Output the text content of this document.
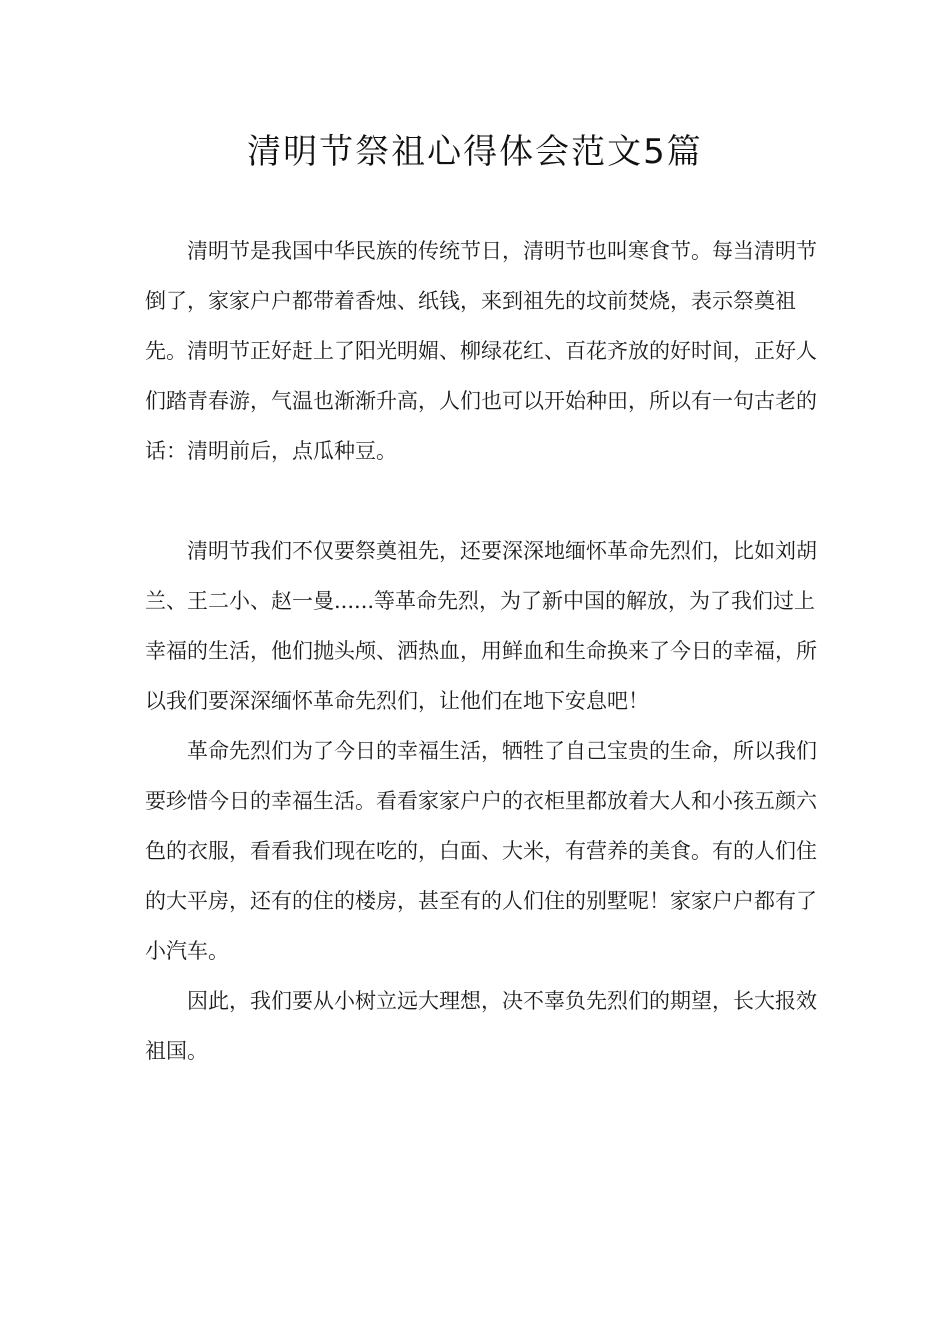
清明节祭祖心得体会范文5篇

清明节是我国中华民族的传统节日，清明节也叫寒食节。每当清明节倒了，家家户户都带着香烛、纸钱，来到祖先的坟前焚烧，表示祭奠祖先。清明节正好赶上了阳光明媚、柳绿花红、百花齐放的好时间，正好人们踏青春游，气温也渐渐升高，人们也可以开始种田，所以有一句古老的话：清明前后，点瓜种豆。

清明节我们不仅要祭奠祖先，还要深深地缅怀革命先烈们，比如刘胡兰、王二小、赵一曼......等革命先烈，为了新中国的解放，为了我们过上幸福的生活，他们抛头颅、洒热血，用鲜血和生命换来了今日的幸福，所以我们要深深缅怀革命先烈们，让他们在地下安息吧！

革命先烈们为了今日的幸福生活，牺牲了自己宝贵的生命，所以我们要珍惜今日的幸福生活。看看家家户户的衣柜里都放着大人和小孩五颜六色的衣服，看看我们现在吃的，白面、大米，有营养的美食。有的人们住的大平房，还有的住的楼房，甚至有的人们住的别墅呢！家家户户都有了小汽车。

因此，我们要从小树立远大理想，决不辜负先烈们的期望，长大报效祖国。
